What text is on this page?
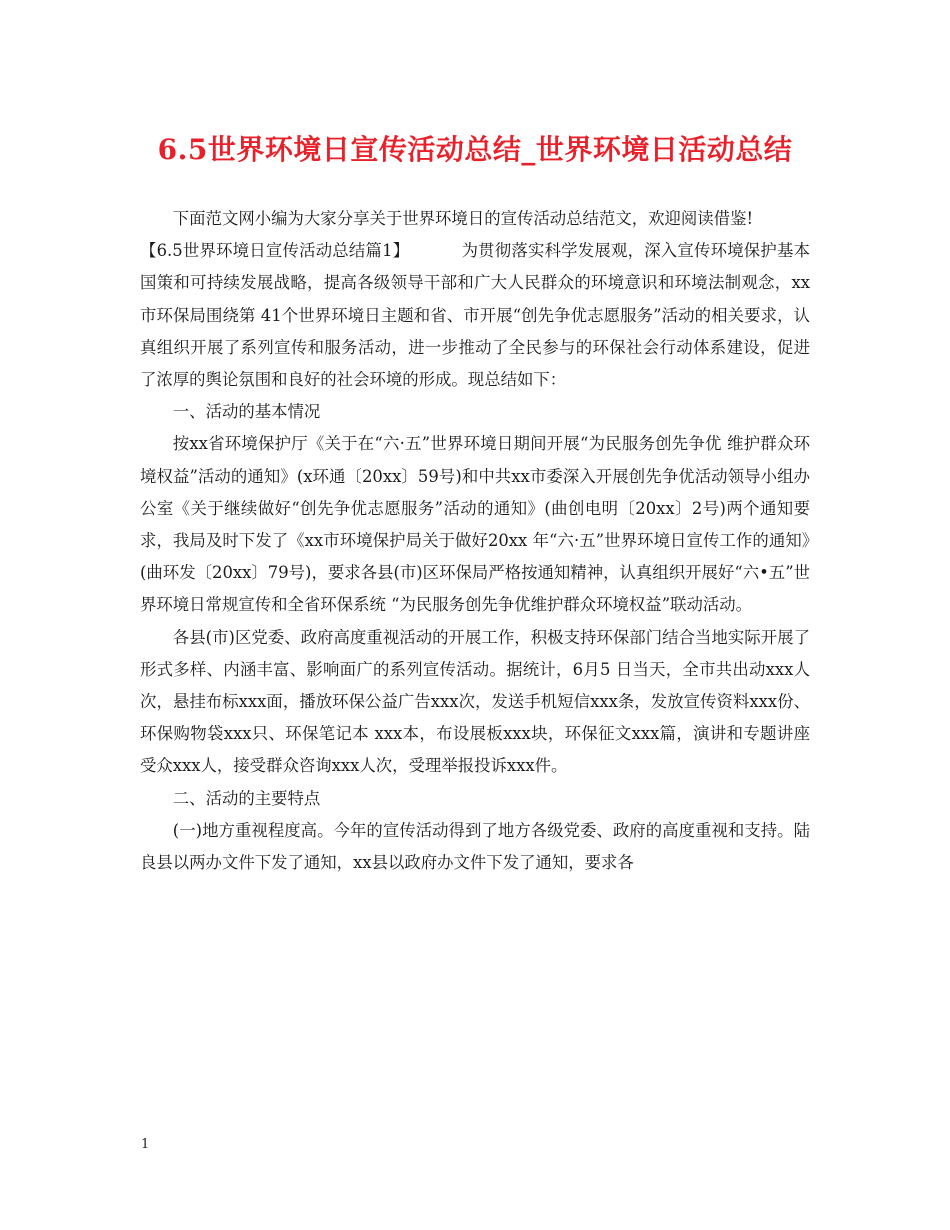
6.5世界环境日宣传活动总结_世界环境日活动总结

下面范文网小编为大家分享关于世界环境日的宣传活动总结范文，欢迎阅读借鉴!

【6.5世界环境日宣传活动总结篇1】	为贯彻落实科学发展观，深入宣传环境保护基本国策和可持续发展战略，提高各级领导干部和广大人民群众的环境意识和环境法制观念，xx市环保局围绕第 41个世界环境日主题和省、市开展“创先争优志愿服务”活动的相关要求，认真组织开展了系列宣传和服务活动，进一步推动了全民参与的环保社会行动体系建设，促进了浓厚的舆论氛围和良好的社会环境的形成。现总结如下：

一、活动的基本情况

按xx省环境保护厅《关于在“六·五”世界环境日期间开展“为民服务创先争优 维护群众环境权益”活动的通知》(x环通〔20xx〕59号)和中共xx市委深入开展创先争优活动领导小组办公室《关于继续做好“创先争优志愿服务”活动的通知》(曲创电明〔20xx〕2号)两个通知要求，我局及时下发了《xx市环境保护局关于做好20xx 年“六·五”世界环境日宣传工作的通知》(曲环发〔20xx〕79号)，要求各县(市)区环保局严格按通知精神，认真组织开展好“六•五”世界环境日常规宣传和全省环保系统 “为民服务创先争优维护群众环境权益”联动活动。

各县(市)区党委、政府高度重视活动的开展工作，积极支持环保部门结合当地实际开展了形式多样、内涵丰富、影响面广的系列宣传活动。据统计，6月5 日当天，全市共出动xxx人次，悬挂布标xxx面，播放环保公益广告xxx次，发送手机短信xxx条，发放宣传资料xxx份、环保购物袋xxx只、环保笔记本 xxx本，布设展板xxx块，环保征文xxx篇，演讲和专题讲座受众xxx人，接受群众咨询xxx人次，受理举报投诉xxx件。

二、活动的主要特点

(一)地方重视程度高。今年的宣传活动得到了地方各级党委、政府的高度重视和支持。陆良县以两办文件下发了通知，xx县以政府办文件下发了通知，要求各

1
